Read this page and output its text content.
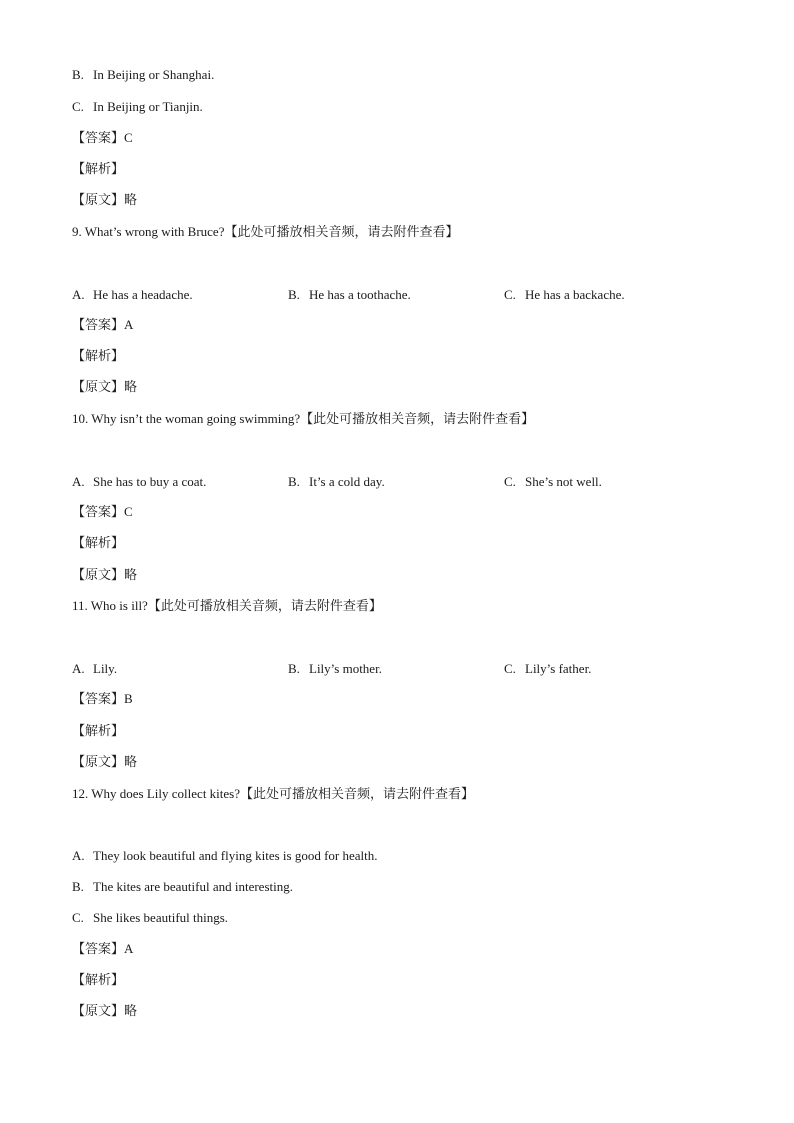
B. In Beijing or Shanghai.
C. In Beijing or Tianjin.
【答案】C
【解析】
【原文】略
9. What’s wrong with Bruce?【此处可播放相关音频，请去附件查看】
A. He has a headache.	B. He has a toothache.	C. He has a backache.
【答案】A
【解析】
【原文】略
10. Why isn’t the woman going swimming?【此处可播放相关音频，请去附件查看】
A. She has to buy a coat.	B. It’s a cold day.	C. She’s not well.
【答案】C
【解析】
【原文】略
11. Who is ill?【此处可播放相关音频，请去附件查看】
A. Lily.	B. Lily’s mother.	C. Lily’s father.
【答案】B
【解析】
【原文】略
12. Why does Lily collect kites?【此处可播放相关音频，请去附件查看】
A. They look beautiful and flying kites is good for health.
B. The kites are beautiful and interesting.
C. She likes beautiful things.
【答案】A
【解析】
【原文】略
